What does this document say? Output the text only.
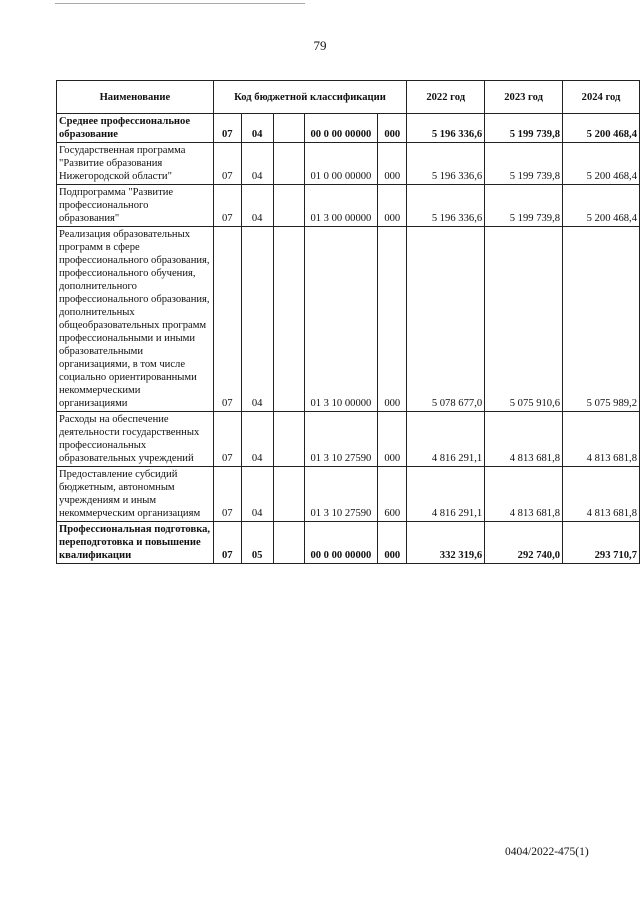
79
Наименование	Код бюджетной классификации					2022 год	2023 год	2024 год
Среднее профессиональное образование	07	04		00 0 00 00000	000	5 196 336,6	5 199 739,8	5 200 468,4
Государственная программа "Развитие образования Нижегородской области"	07	04		01 0 00 00000	000	5 196 336,6	5 199 739,8	5 200 468,4
Подпрограмма "Развитие профессионального образования"	07	04		01 3 00 00000	000	5 196 336,6	5 199 739,8	5 200 468,4
Реализация образовательных программ в сфере профессионального образования, профессионального обучения, дополнительного профессионального образования, дополнительных общеобразовательных программ профессиональными и иными образовательными организациями, в том числе социально ориентированными некоммерческими организациями	07	04		01 3 10 00000	000	5 078 677,0	5 075 910,6	5 075 989,2
Расходы на обеспечение деятельности государственных профессиональных образовательных учреждений	07	04		01 3 10 27590	000	4 816 291,1	4 813 681,8	4 813 681,8
Предоставление субсидий бюджетным, автономным учреждениям и иным некоммерческим организациям	07	04		01 3 10 27590	600	4 816 291,1	4 813 681,8	4 813 681,8
Профессиональная подготовка, переподготовка и повышение квалификации	07	05		00 0 00 00000	000	332 319,6	292 740,0	293 710,7
0404/2022-475(1)
